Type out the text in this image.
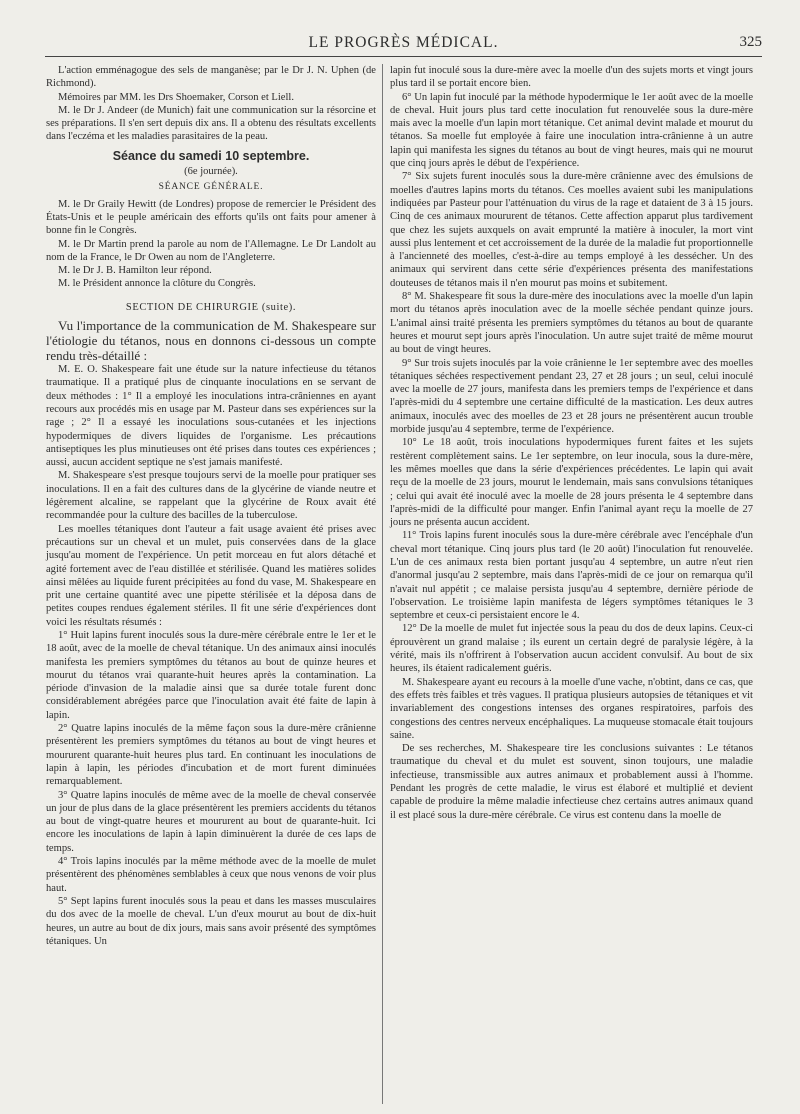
LE PROGRÈS MÉDICAL.	325

L'action emménagogue des sels de manganèse; par le Dr J. N. Uphen (de Richmond).

Mémoires par MM. les Drs Shoemaker, Corson et Liell.

M. le Dr J. Andeer (de Munich) fait une communication sur la résorcine et ses préparations. Il s'en sert depuis dix ans. Il a obtenu des résultats excellents dans l'eczéma et les maladies parasitaires de la peau.

Séance du samedi 10 septembre.

(6e journée).

SÉANCE GÉNÉRALE.

M. le Dr Graily Hewitt (de Londres) propose de remercier le Président des États-Unis et le peuple américain des efforts qu'ils ont faits pour amener à bonne fin le Congrès.

M. le Dr Martin prend la parole au nom de l'Allemagne. Le Dr Landolt au nom de la France, le Dr Owen au nom de l'Angleterre.

M. le Dr J. B. Hamilton leur répond.

M. le Président annonce la clôture du Congrès.

SECTION DE CHIRURGIE (suite).

Vu l'importance de la communication de M. Shakespeare sur l'étiologie du tétanos, nous en donnons ci-dessous un compte rendu très-détaillé :

M. E. O. Shakespeare fait une étude sur la nature infectieuse du tétanos traumatique. Il a pratiqué plus de cinquante inoculations en se servant de deux méthodes : 1° Il a employé les inoculations intra-crâniennes en ayant recours aux procédés mis en usage par M. Pasteur dans ses expériences sur la rage ; 2° Il a essayé les inoculations sous-cutanées et les injections hypodermiques de divers liquides de l'organisme. Les précautions antiseptiques les plus minutieuses ont été prises dans toutes ces expériences ; aussi, aucun accident septique ne s'est jamais manifesté.

M. Shakespeare s'est presque toujours servi de la moelle pour pratiquer ses inoculations. Il en a fait des cultures dans de la glycérine de viande neutre et légèrement alcaline, se rappelant que la glycérine de Roux avait été recommandée pour la culture des bacilles de la tuberculose.

Les moelles tétaniques dont l'auteur a fait usage avaient été prises avec précautions sur un cheval et un mulet, puis conservées dans de la glace jusqu'au moment de l'expérience. Un petit morceau en fut alors détaché et agité fortement avec de l'eau distillée et stérilisée. Quand les matières solides ainsi mêlées au liquide furent précipitées au fond du vase, M. Shakespeare en prit une certaine quantité avec une pipette stérilisée et la déposa dans de petites coupes rendues également stériles. Il fit une série d'expériences dont voici les résultats résumés :

1° Huit lapins furent inoculés sous la dure-mère cérébrale entre le 1er et le 18 août, avec de la moelle de cheval tétanique. Un des animaux ainsi inoculés manifesta les premiers symptômes du tétanos au bout de quinze heures et mourut du tétanos vrai quarante-huit heures après la contamination. La période d'invasion de la maladie ainsi que sa durée totale furent donc considérablement abrégées parce que l'inoculation avait été faite de lapin à lapin.

2° Quatre lapins inoculés de la même façon sous la dure-mère crânienne présentèrent les premiers symptômes du tétanos au bout de vingt heures et moururent quarante-huit heures plus tard. En continuant les inoculations de lapin à lapin, les périodes d'incubation et de mort furent diminuées remarquablement.

3° Quatre lapins inoculés de même avec de la moelle de cheval conservée un jour de plus dans de la glace présentèrent les premiers accidents du tétanos au bout de vingt-quatre heures et moururent au bout de quarante-huit. Ici encore les inoculations de lapin à lapin diminuèrent la durée de ces laps de temps.

4° Trois lapins inoculés par la même méthode avec de la moelle de mulet présentèrent des phénomènes semblables à ceux que nous venons de voir plus haut.

5° Sept lapins furent inoculés sous la peau et dans les masses musculaires du dos avec de la moelle de cheval. L'un d'eux mourut au bout de dix-huit heures, un autre au bout de dix jours, mais sans avoir présenté des symptômes tétaniques. Un

lapin fut inoculé sous la dure-mère avec la moelle d'un des sujets morts et vingt jours plus tard il se portait encore bien.

6° Un lapin fut inoculé par la méthode hypodermique le 1er août avec de la moelle de cheval. Huit jours plus tard cette inoculation fut renouvelée sous la dure-mère mais avec la moelle d'un lapin mort tétanique. Cet animal devint malade et mourut du tétanos. Sa moelle fut employée à faire une inoculation intra-crânienne à un autre lapin qui manifesta les signes du tétanos au bout de vingt heures, mais qui ne mourut que cinq jours après le début de l'expérience.

7° Six sujets furent inoculés sous la dure-mère crânienne avec des émulsions de moelles d'autres lapins morts du tétanos. Ces moelles avaient subi les manipulations indiquées par Pasteur pour l'atténuation du virus de la rage et dataient de 3 à 15 jours. Cinq de ces animaux moururent de tétanos. Cette affection apparut plus tardivement que chez les sujets auxquels on avait emprunté la matière à inoculer, la mort vint aussi plus lentement et cet accroissement de la durée de la maladie fut proportionnelle à l'ancienneté des moelles, c'est-à-dire au temps employé à les dessécher. Un des animaux qui servirent dans cette série d'expériences présenta des manifestations douteuses de tétanos mais il n'en mourut pas moins et subitement.

8° M. Shakespeare fit sous la dure-mère des inoculations avec la moelle d'un lapin mort du tétanos après inoculation avec de la moelle séchée pendant quinze jours. L'animal ainsi traité présenta les premiers symptômes du tétanos au bout de quarante heures et mourut sept jours après l'inoculation. Un autre sujet traité de même mourut au bout de vingt heures.

9° Sur trois sujets inoculés par la voie crânienne le 1er septembre avec des moelles tétaniques séchées respectivement pendant 23, 27 et 28 jours ; un seul, celui inoculé avec la moelle de 27 jours, manifesta dans les premiers temps de l'expérience et dans l'après-midi du 4 septembre une certaine difficulté de la mastication. Les deux autres animaux, inoculés avec des moelles de 23 et 28 jours ne présentèrent aucun trouble morbide jusqu'au 4 septembre, terme de l'expérience.

10° Le 18 août, trois inoculations hypodermiques furent faites et les sujets restèrent complètement sains. Le 1er septembre, on leur inocula, sous la dure-mère, les mêmes moelles que dans la série d'expériences précédentes. Le lapin qui avait reçu de la moelle de 23 jours, mourut le lendemain, mais sans convulsions tétaniques ; celui qui avait été inoculé avec la moelle de 28 jours présenta le 4 septembre dans l'après-midi de la difficulté pour manger. Enfin l'animal ayant reçu la moelle de 27 jours ne présenta aucun accident.

11° Trois lapins furent inoculés sous la dure-mère cérébrale avec l'encéphale d'un cheval mort tétanique. Cinq jours plus tard (le 20 août) l'inoculation fut renouvelée. L'un de ces animaux resta bien portant jusqu'au 4 septembre, un autre n'eut rien d'anormal jusqu'au 2 septembre, mais dans l'après-midi de ce jour on remarqua qu'il n'avait nul appétit ; ce malaise persista jusqu'au 4 septembre, dernière période de l'observation. Le troisième lapin manifesta de légers symptômes tétaniques le 3 septembre et ceux-ci persistaient encore le 4.

12° De la moelle de mulet fut injectée sous la peau du dos de deux lapins. Ceux-ci éprouvèrent un grand malaise ; ils eurent un certain degré de paralysie légère, à la vérité, mais ils n'offrirent à l'observation aucun accident convulsif. Au bout de six heures, ils étaient radicalement guéris.

M. Shakespeare ayant eu recours à la moelle d'une vache, n'obtint, dans ce cas, que des effets très faibles et très vagues. Il pratiqua plusieurs autopsies de tétaniques et vit invariablement des congestions intenses des organes respiratoires, parfois des congestions des centres nerveux encéphaliques. La muqueuse stomacale était toujours saine.

De ses recherches, M. Shakespeare tire les conclusions suivantes : Le tétanos traumatique du cheval et du mulet est souvent, sinon toujours, une maladie infectieuse, transmissible aux autres animaux et probablement aussi à l'homme. Pendant les progrès de cette maladie, le virus est élaboré et multiplié et devient capable de produire la même maladie infectieuse chez certains autres animaux quand il est placé sous la dure-mère cérébrale. Ce virus est contenu dans la moelle de
